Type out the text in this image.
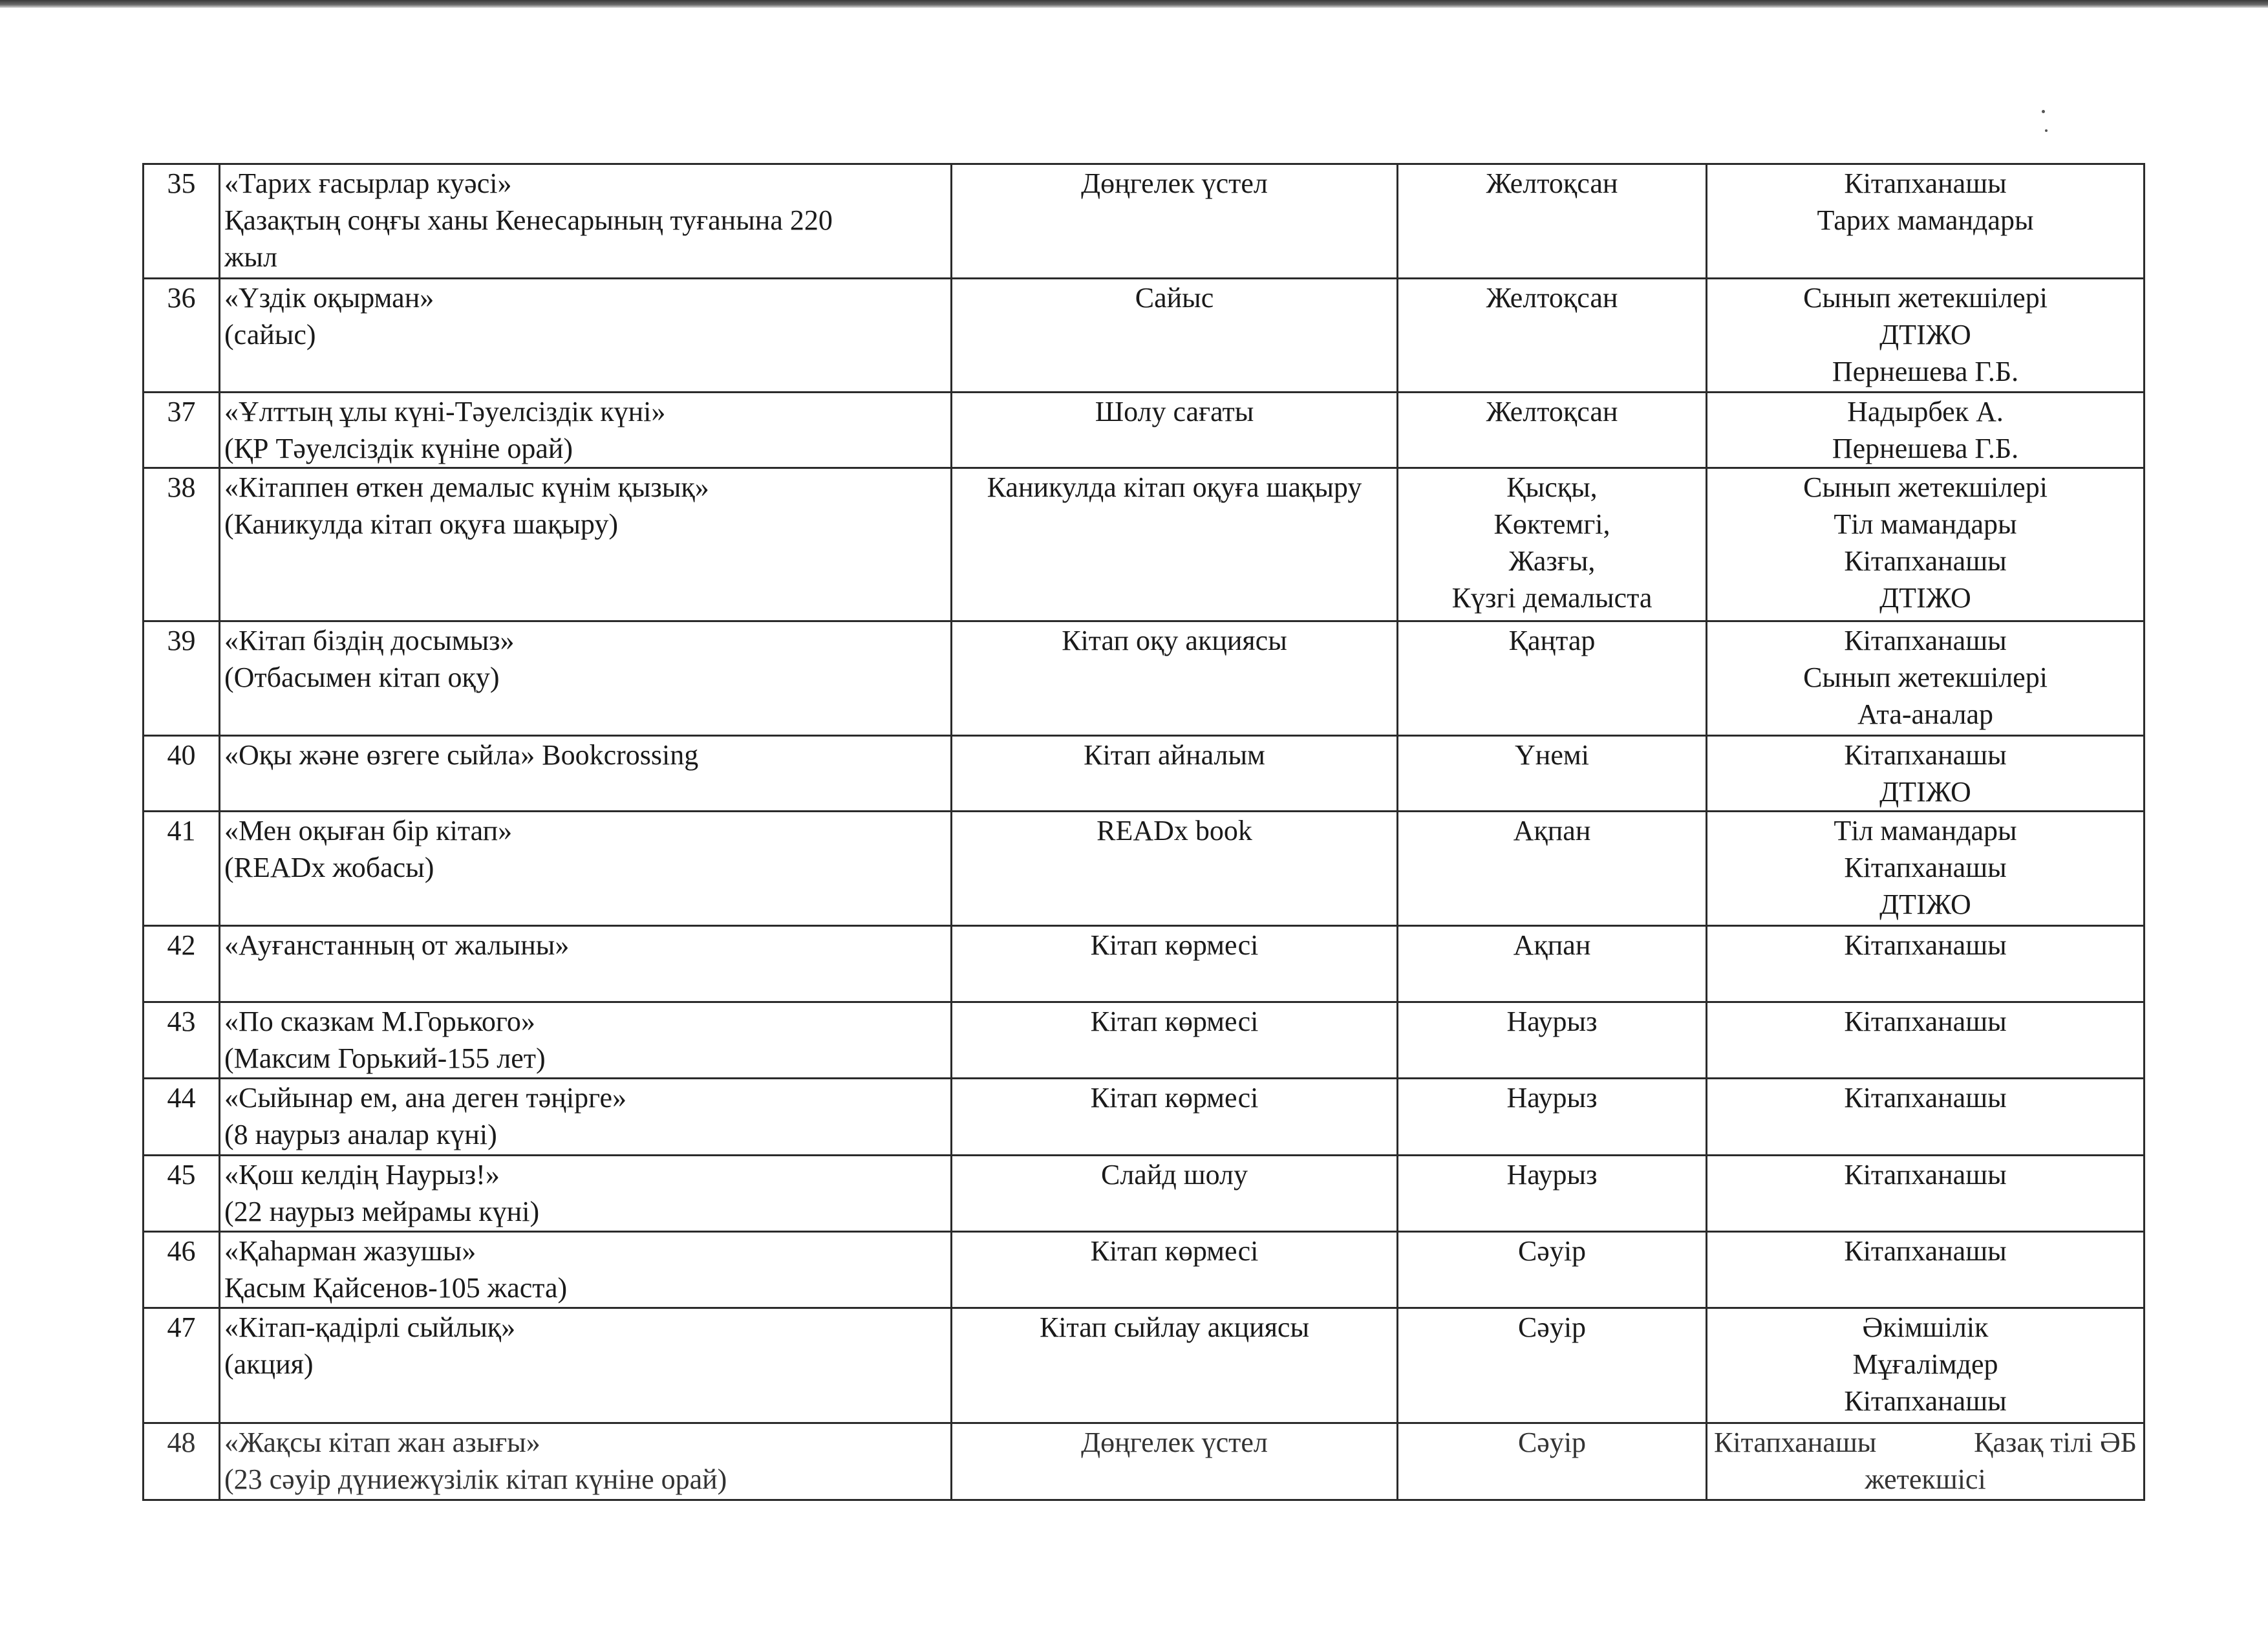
35	«Тарих ғасырлар куәсі»
Қазақтың соңғы ханы Кенесарының туғанына 220
жыл	Дөңгелек үстел	Желтоқсан	Кітапханашы
Тарих мамандары

36	«Үздік оқырман»
(сайыс)	Сайыс	Желтоқсан	Сынып жетекшілері
ДТІЖО
Пернешева Г.Б.

37	«Ұлттың ұлы күні-Тәуелсіздік күні»
(ҚР Тәуелсіздік күніне орай)	Шолу сағаты	Желтоқсан	Надырбек А.
Пернешева Г.Б.

38	«Кітаппен өткен демалыс күнім қызық»
(Каникулда кітап оқуға шақыру)	Каникулда кітап оқуға шақыру	Қысқы,
Көктемгі,
Жазғы,
Күзгі демалыста	Сынып жетекшілері
Тіл мамандары
Кітапханашы
ДТІЖО

39	«Кітап біздің досымыз»
(Отбасымен кітап оқу)	Кітап оқу акциясы	Қаңтар	Кітапханашы
Сынып жетекшілері
Ата-аналар

40	«Оқы және өзгеге сыйла» Bookcrossing	Кітап айналым	Үнемі	Кітапханашы
ДТІЖО

41	«Мен оқыған бір кітап»
(READx жобасы)	READx book	Ақпан	Тіл мамандары
Кітапханашы
ДТІЖО

42	«Ауғанстанның от жалыны»	Кітап көрмесі	Ақпан	Кітапханашы

43	«По сказкам М.Горького»
(Максим Горький-155 лет)	Кітап көрмесі	Наурыз	Кітапханашы

44	«Сыйынар ем, ана деген тәңірге»
(8 наурыз аналар күні)	Кітап көрмесі	Наурыз	Кітапханашы

45	«Қош келдің Наурыз!»
(22 наурыз мейрамы күні)	Слайд шолу	Наурыз	Кітапханашы

46	«Қаһарман жазушы»
Қасым Қайсенов-105 жаста)	Кітап көрмесі	Сәуір	Кітапханашы

47	«Кітап-қадірлі сыйлық»
(акция)	Кітап сыйлау акциясы	Сәуір	Әкімшілік
Мұғалімдер
Кітапханашы

48	«Жақсы кітап жан азығы»
(23 сәуір дүниежүзілік кітап күніне орай)	Дөңгелек үстел	Сәуір	Кітапханашы Қазақ тілі ӘБ
жетекшісі
